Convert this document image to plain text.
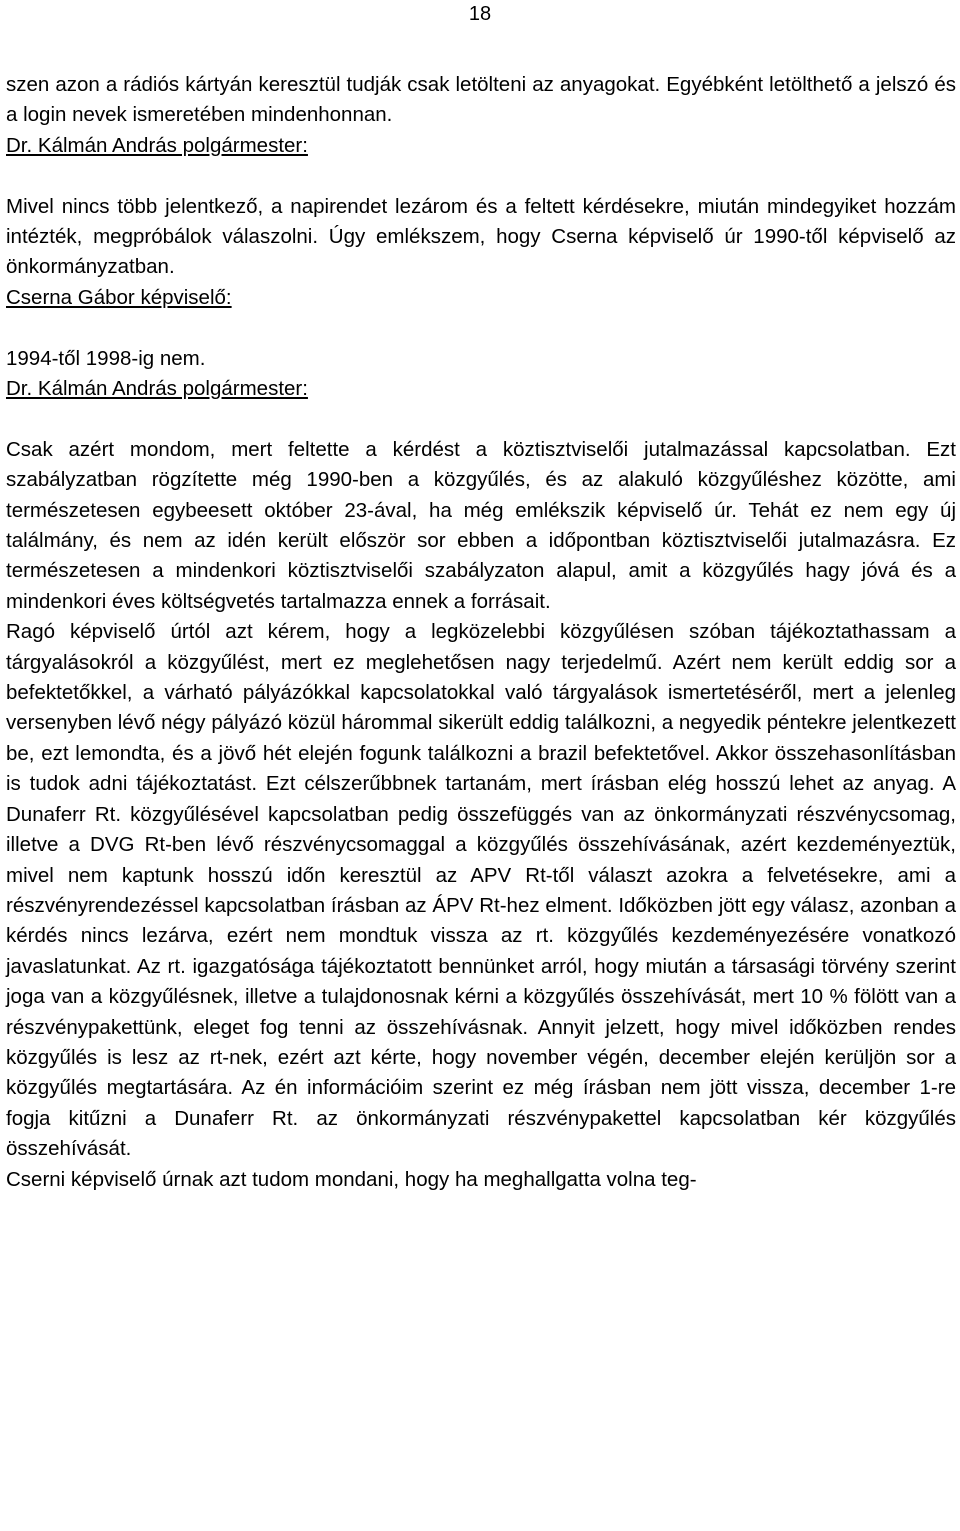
18

szen azon a rádiós kártyán keresztül tudják csak letölteni az anyagokat. Egyébként letölthető a jelszó és a login nevek ismeretében mindenhonnan.

Dr. Kálmán András polgármester:

Mivel nincs több jelentkező, a napirendet lezárom és a feltett kérdésekre, miután mindegyiket hozzám intézték, megpróbálok válaszolni. Úgy emlékszem, hogy Cserna képviselő úr 1990-től képviselő az önkormányzatban.

Cserna Gábor képviselő:

1994-től 1998-ig nem.

Dr. Kálmán András polgármester:

Csak azért mondom, mert feltette a kérdést a köztisztviselői jutalmazással kapcsolatban. Ezt szabályzatban rögzítette még 1990-ben a közgyűlés, és az alakuló közgyűléshez közötte, ami természetesen egybeesett október 23-ával, ha még emlékszik képviselő úr. Tehát ez nem egy új találmány, és nem az idén került először sor ebben a időpontban köztisztviselői jutalmazásra. Ez természetesen a mindenkori köztisztviselői szabályzaton alapul, amit a közgyűlés hagy jóvá és a mindenkori éves költségvetés tartalmazza ennek a forrásait.

Ragó képviselő úrtól azt kérem, hogy a legközelebbi közgyűlésen szóban tájékoztathassam a tárgyalásokról a közgyűlést, mert ez meglehetősen nagy terjedelmű. Azért nem került eddig sor a befektetőkkel, a várható pályázókkal kapcsolatokkal való tárgyalások ismertetéséről, mert a jelenleg versenyben lévő négy pályázó közül hárommal sikerült eddig találkozni, a negyedik péntekre jelentkezett be, ezt lemondta, és a jövő hét elején fogunk találkozni a brazil befektetővel. Akkor összehasonlításban is tudok adni tájékoztatást. Ezt célszerűbbnek tartanám, mert írásban elég hosszú lehet az anyag. A Dunaferr Rt. közgyűlésével kapcsolatban pedig összefüggés van az önkormányzati részvénycsomag, illetve a DVG Rt-ben lévő részvénycsomaggal a közgyűlés összehívásának, azért kezdeményeztük, mivel nem kaptunk hosszú időn keresztül az APV Rt-től választ azokra a felvetésekre, ami a részvényrendezéssel kapcsolatban írásban az ÁPV Rt-hez elment. Időközben jött egy válasz, azonban a kérdés nincs lezárva, ezért nem mondtuk vissza az rt. közgyűlés kezdeményezésére vonatkozó javaslatunkat. Az rt. igazgatósága tájékoztatott bennünket arról, hogy miután a társasági törvény szerint joga van a közgyűlésnek, illetve a tulajdonosnak kérni a közgyűlés összehívását, mert 10 % fölött van a részvénypakettünk, eleget fog tenni az összehívásnak. Annyit jelzett, hogy mivel időközben rendes közgyűlés is lesz az rt-nek, ezért azt kérte, hogy november végén, december elején kerüljön sor a közgyűlés megtartására. Az én információim szerint ez még írásban nem jött vissza, december 1-re fogja kitűzni a Dunaferr Rt. az önkormányzati részvénypakettel kapcsolatban kér közgyűlés összehívását.

Cserni képviselő úrnak azt tudom mondani, hogy ha meghallgatta volna teg-
